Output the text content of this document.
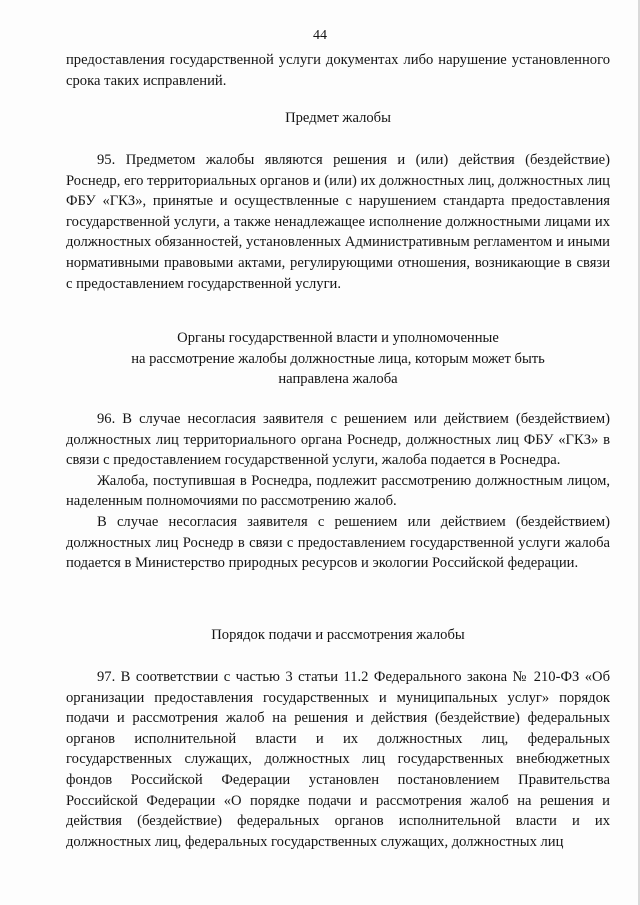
44

предоставления государственной услуги документах либо нарушение установленного срока таких исправлений.

Предмет жалобы

95. Предметом жалобы являются решения и (или) действия (бездействие) Роснедр, его территориальных органов и (или) их должностных лиц, должностных лиц ФБУ «ГКЗ», принятые и осуществленные с нарушением стандарта предоставления государственной услуги, а также ненадлежащее исполнение должностными лицами их должностных обязанностей, установленных Административным регламентом и иными нормативными правовыми актами, регулирующими отношения, возникающие в связи с предоставлением государственной услуги.

Органы государственной власти и уполномоченные
на рассмотрение жалобы должностные лица, которым может быть
направлена жалоба

96. В случае несогласия заявителя с решением или действием (бездействием) должностных лиц территориального органа Роснедр, должностных лиц ФБУ «ГКЗ» в связи с предоставлением государственной услуги, жалоба подается в Роснедра.

Жалоба, поступившая в Роснедра, подлежит рассмотрению должностным лицом, наделенным полномочиями по рассмотрению жалоб.

В случае несогласия заявителя с решением или действием (бездействием) должностных лиц Роснедр в связи с предоставлением государственной услуги жалоба подается в Министерство природных ресурсов и экологии Российской федерации.

Порядок подачи и рассмотрения жалобы

97. В соответствии с частью 3 статьи 11.2 Федерального закона № 210-ФЗ «Об организации предоставления государственных и муниципальных услуг» порядок подачи и рассмотрения жалоб на решения и действия (бездействие) федеральных органов исполнительной власти и их должностных лиц, федеральных государственных служащих, должностных лиц государственных внебюджетных фондов Российской Федерации установлен постановлением Правительства Российской Федерации «О порядке подачи и рассмотрения жалоб на решения и действия (бездействие) федеральных органов исполнительной власти и их должностных лиц, федеральных государственных служащих, должностных лиц
